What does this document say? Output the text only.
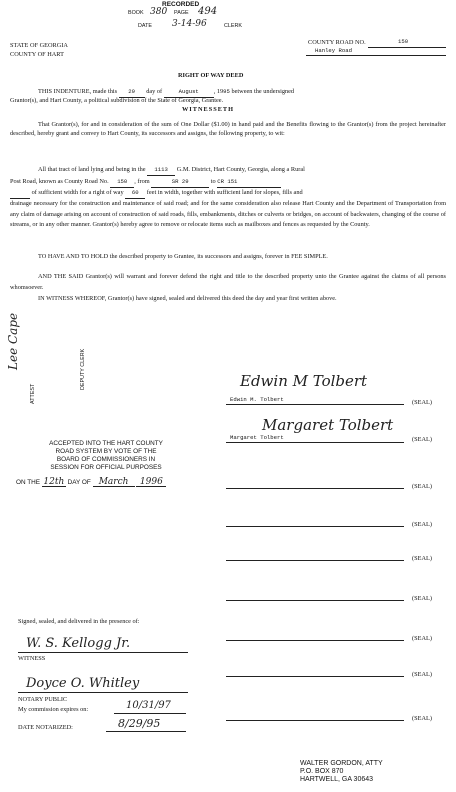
BOOK 380 PAGE 494
RECORDED
DATE 3-14-96	CLERK
STATE OF GEORGIA
COUNTY OF HART
COUNTY ROAD NO.	150
Hanley Road
RIGHT OF WAY DEED
THIS INDENTURE, made this 29 day of	August , 1995 between the undersigned
Grantor(s), and Hart County, a political subdivision of the State of Georgia, Grantee.
WITNESSETH
That Grantor(s), for and in consideration of the sum of One Dollar ($1.00) in hand paid and the Benefits flowing to the Grantor(s) from the project hereinafter described, hereby grant and convey to Hart County, its successors and assigns, the following property, to wit:
All that tract of land lying and being in the 1113 G.M. District, Hart County, Georgia, along a Rural
Post Road, known as County Road No. 150 , from	SR 29	to CR 151
of sufficient width for a right of way 60 feet in width, together with sufficient land for slopes, fills and
drainage necessary for the construction and maintenance of said road; and for the same consideration also release Hart County and the Department of Transportation from any claim of damage arising on account of construction of said roads, fills, embankments, ditches or culverts or bridges, on account of backwaters, changing of the course of streams, or in any other manner. Grantor(s) hereby agree to remove or relocate items such as mailboxes and fences as requested by the County.
TO HAVE AND TO HOLD the described property to Grantee, its successors and assigns, forever in FEE SIMPLE.
AND THE SAID Grantor(s) will warrant and forever defend the right and title to the described property unto the Grantee against the claims of all persons whomsoever.
IN WITNESS WHEREOF, Grantor(s) have signed, sealed and delivered this deed the day and year first written above.
Lee Cape	DEPUTY CLERK
ATTEST
ACCEPTED INTO THE HART COUNTY
ROAD SYSTEM BY VOTE OF THE
BOARD OF COMMISSIONERS IN
SESSION FOR OFFICIAL PURPOSES
ON THE 12th DAY OF March 1996
Edwin M Tolbert
Edwin M. Tolbert	(SEAL)
Margaret Tolbert
Margaret Tolbert	(SEAL)
(SEAL)
(SEAL)
(SEAL)
(SEAL)
(SEAL)
(SEAL)
(SEAL)
Signed, sealed, and delivered in the presence of:
W. S. Kellogg Jr.
WITNESS
Doyce O. Whitley
NOTARY PUBLIC
My commission expires on:	10/31/97
DATE NOTARIZED:	8/29/95
WALTER GORDON, ATTY
P.O. BOX 870
HARTWELL, GA 30643
